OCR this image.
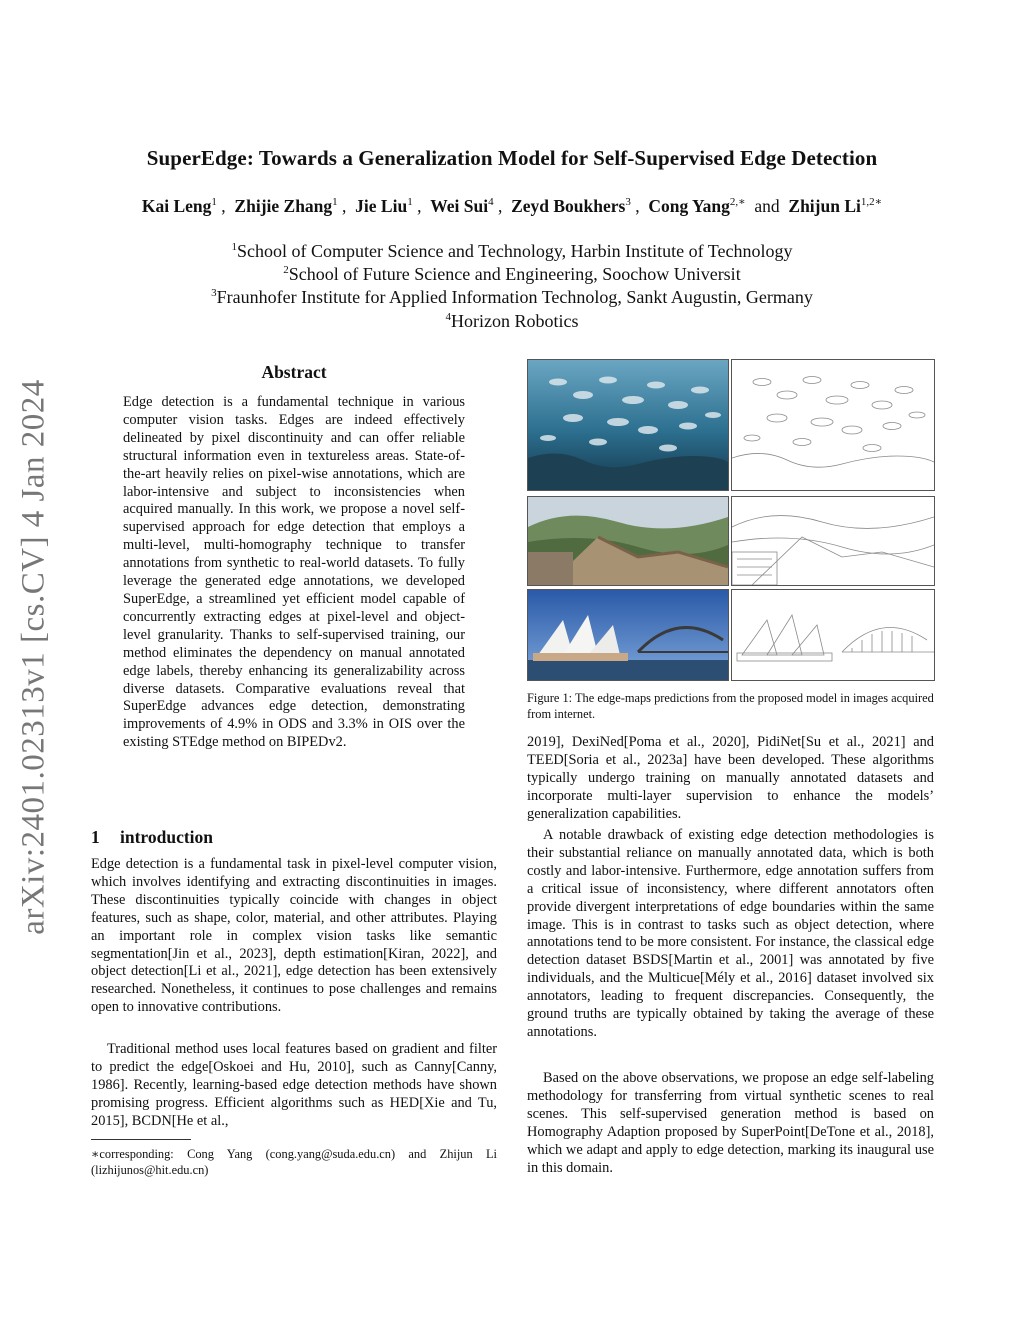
arXiv:2401.02313v1 [cs.CV] 4 Jan 2024
SuperEdge: Towards a Generalization Model for Self-Supervised Edge Detection
Kai Leng$^1$ ,  Zhijie Zhang$^1$ ,  Jie Liu$^1$ ,  Wei Sui$^4$ ,  Zeyd Boukhers$^3$ ,  Cong Yang$^{2,∗}$ and Zhijun $Li^{1,2∗}$
$^1$School of Computer Science and Technology, Harbin Institute of Technology
$^2$School of Future Science and Engineering, Soochow Universit
$^3$Fraunhofer Institute for Applied Information Technolog, Sankt Augustin, Germany
$^4$Horizon Robotics
Abstract
Edge detection is a fundamental technique in various computer vision tasks. Edges are indeed effectively delineated by pixel discontinuity and can offer reliable structural information even in textureless areas. State-of-the-art heavily relies on pixel-wise annotations, which are labor-intensive and subject to inconsistencies when acquired manually. In this work, we propose a novel self-supervised approach for edge detection that employs a multi-level, multi-homography technique to transfer annotations from synthetic to real-world datasets. To fully leverage the generated edge annotations, we developed SuperEdge, a streamlined yet efficient model capable of concurrently extracting edges at pixel-level and object-level granularity. Thanks to self-supervised training, our method eliminates the dependency on manual annotated edge labels, thereby enhancing its generalizability across diverse datasets. Comparative evaluations reveal that SuperEdge advances edge detection, demonstrating improvements of 4.9% in ODS and 3.3% in OIS over the existing STEdge method on BIPEDv2.
1 introduction
Edge detection is a fundamental task in pixel-level computer vision, which involves identifying and extracting discontinuities in images. These discontinuities typically coincide with changes in object features, such as shape, color, material, and other attributes. Playing an important role in complex vision tasks like semantic segmentation[Jin et al., 2023], depth estimation[Kiran, 2022], and object detection[Li et al., 2021], edge detection has been extensively researched. Nonetheless, it continues to pose challenges and remains open to innovative contributions.
Traditional method uses local features based on gradient and filter to predict the edge[Oskoei and Hu, 2010], such as Canny[Canny, 1986]. Recently, learning-based edge detection methods have shown promising progress. Efficient algorithms such as HED[Xie and Tu, 2015], BCDN[He et al.,
∗corresponding: Cong Yang (cong.yang@suda.edu.cn) and Zhijun Li (lizhijunos@hit.edu.cn)
Figure 1: The edge-maps predictions from the proposed model in images acquired from internet.
2019], DexiNed[Poma et al., 2020], PidiNet[Su et al., 2021] and TEED[Soria et al., 2023a] have been developed. These algorithms typically undergo training on manually annotated datasets and incorporate multi-layer supervision to enhance the models’ generalization capabilities.
A notable drawback of existing edge detection methodologies is their substantial reliance on manually annotated data, which is both costly and labor-intensive. Furthermore, edge annotation suffers from a critical issue of inconsistency, where different annotators often provide divergent interpretations of edge boundaries within the same image. This is in contrast to tasks such as object detection, where annotations tend to be more consistent. For instance, the classical edge detection dataset BSDS[Martin et al., 2001] was annotated by five individuals, and the Multicue[Mély et al., 2016] dataset involved six annotators, leading to frequent discrepancies. Consequently, the ground truths are typically obtained by taking the average of these annotations.
Based on the above observations, we propose an edge self-labeling methodology for transferring from virtual synthetic scenes to real scenes. This self-supervised generation method is based on Homography Adaption proposed by SuperPoint[DeTone et al., 2018], which we adapt and apply to edge detection, marking its inaugural use in this domain.
